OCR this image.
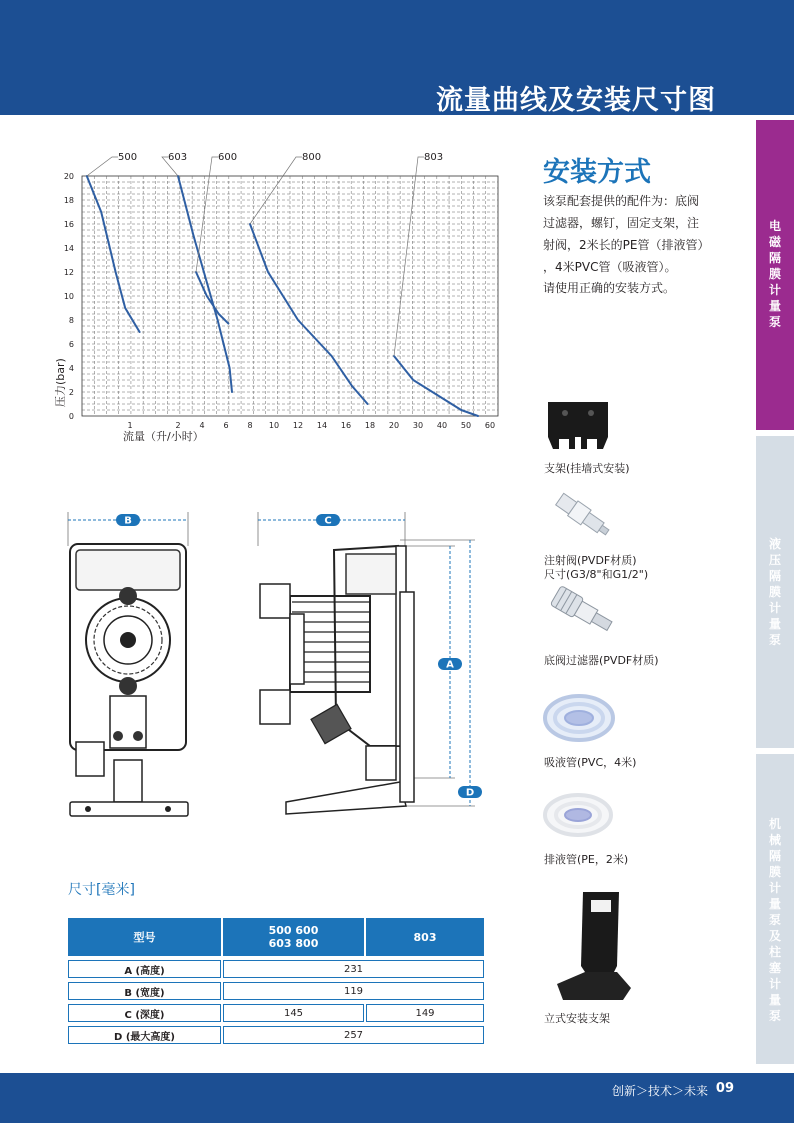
流量曲线及安装尺寸图
电
磁
隔
膜
计
量
泵
液
压
隔
膜
计
量
泵
机
械
隔
膜
计
量
泵
及
柱
塞
计
量
泵
500	603	600	800	803
0
2
4
6
8
10
12
14
16
18
20
1	2 4 6 8 10 12 14 16 18 20 30 40 50 60
压力(bar)
流量（升/小时）
安装方式
该泵配套提供的配件为：底阀
过滤器，螺钉，固定支架，注
射阀，2米长的PE管（排液管）
，4米PVC管（吸液管）。
请使用正确的安装方式。
支架(挂墙式安装)
注射阀(PVDF材质)
尺寸(G3/8"和G1/2")
底阀过滤器(PVDF材质)
吸液管(PVC，4米)
排液管(PE，2米)
立式安装支架
B	C
A
D
尺寸[毫米]
型号	500 600
603 800	803
A (高度)	231	
B (宽度)	119	
C (深度)	145	149
D (最大高度)	257	
创新＞技术＞未来 09
